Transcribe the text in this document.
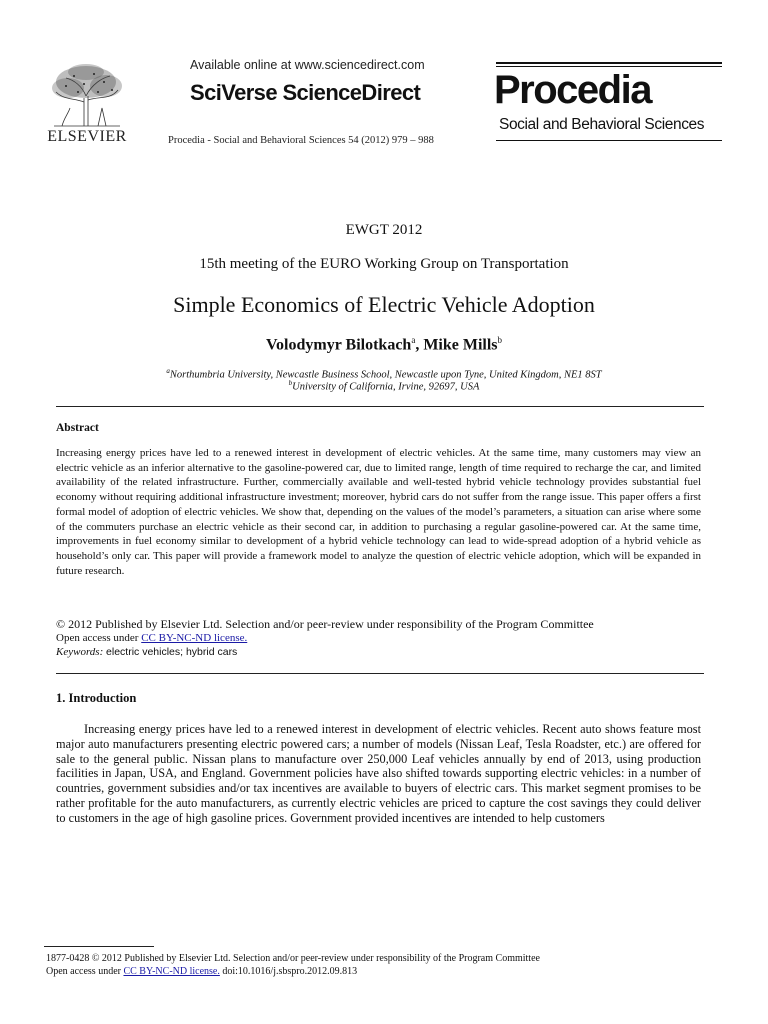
ELSEVIER
Available online at www.sciencedirect.com
SciVerse ScienceDirect
Procedia - Social and Behavioral Sciences 54 (2012) 979 – 988
Procedia
Social and Behavioral Sciences
EWGT 2012
15th meeting of the EURO Working Group on Transportation
Simple Economics of Electric Vehicle Adoption
Volodymyr Bilotkach$^a$, Mike Mills$^b$
$^a$Northumbria University, Newcastle Business School, Newcastle upon Tyne, United Kingdom, NE1 8ST
$^b$University of California, Irvine, 92697, USA
Abstract
Increasing energy prices have led to a renewed interest in development of electric vehicles. At the same time, many customers may view an electric vehicle as an inferior alternative to the gasoline-powered car, due to limited range, length of time required to recharge the car, and limited availability of the related infrastructure. Further, commercially available and well-tested hybrid vehicle technology provides substantial fuel economy without requiring additional infrastructure investment; moreover, hybrid cars do not suffer from the range issue. This paper offers a first formal model of adoption of electric vehicles. We show that, depending on the values of the model’s parameters, a situation can arise where some of the commuters purchase an electric vehicle as their second car, in addition to purchasing a regular gasoline-powered car. At the same time, improvements in fuel economy similar to development of a hybrid vehicle technology can lead to wide-spread adoption of a hybrid vehicle as household’s only car. This paper will provide a framework model to analyze the question of electric vehicle adoption, which will be expanded in future research.
© 2012 Published by Elsevier Ltd. Selection and/or peer-review under responsibility of the Program Committee
Open access under CC BY-NC-ND license.
Keywords: electric vehicles; hybrid cars
1. Introduction
Increasing energy prices have led to a renewed interest in development of electric vehicles. Recent auto shows feature most major auto manufacturers presenting electric powered cars; a number of models (Nissan Leaf, Tesla Roadster, etc.) are offered for sale to the general public. Nissan plans to manufacture over 250,000 Leaf vehicles annually by end of 2013, using production facilities in Japan, USA, and England. Government policies have also shifted towards supporting electric vehicles: in a number of countries, government subsidies and/or tax incentives are available to buyers of electric cars. This market segment promises to be rather profitable for the auto manufacturers, as currently electric vehicles are priced to capture the cost savings they could deliver to customers in the age of high gasoline prices. Government provided incentives are intended to help customers
1877-0428 © 2012 Published by Elsevier Ltd. Selection and/or peer-review under responsibility of the Program Committee
Open access under CC BY-NC-ND license. doi:10.1016/j.sbspro.2012.09.813
